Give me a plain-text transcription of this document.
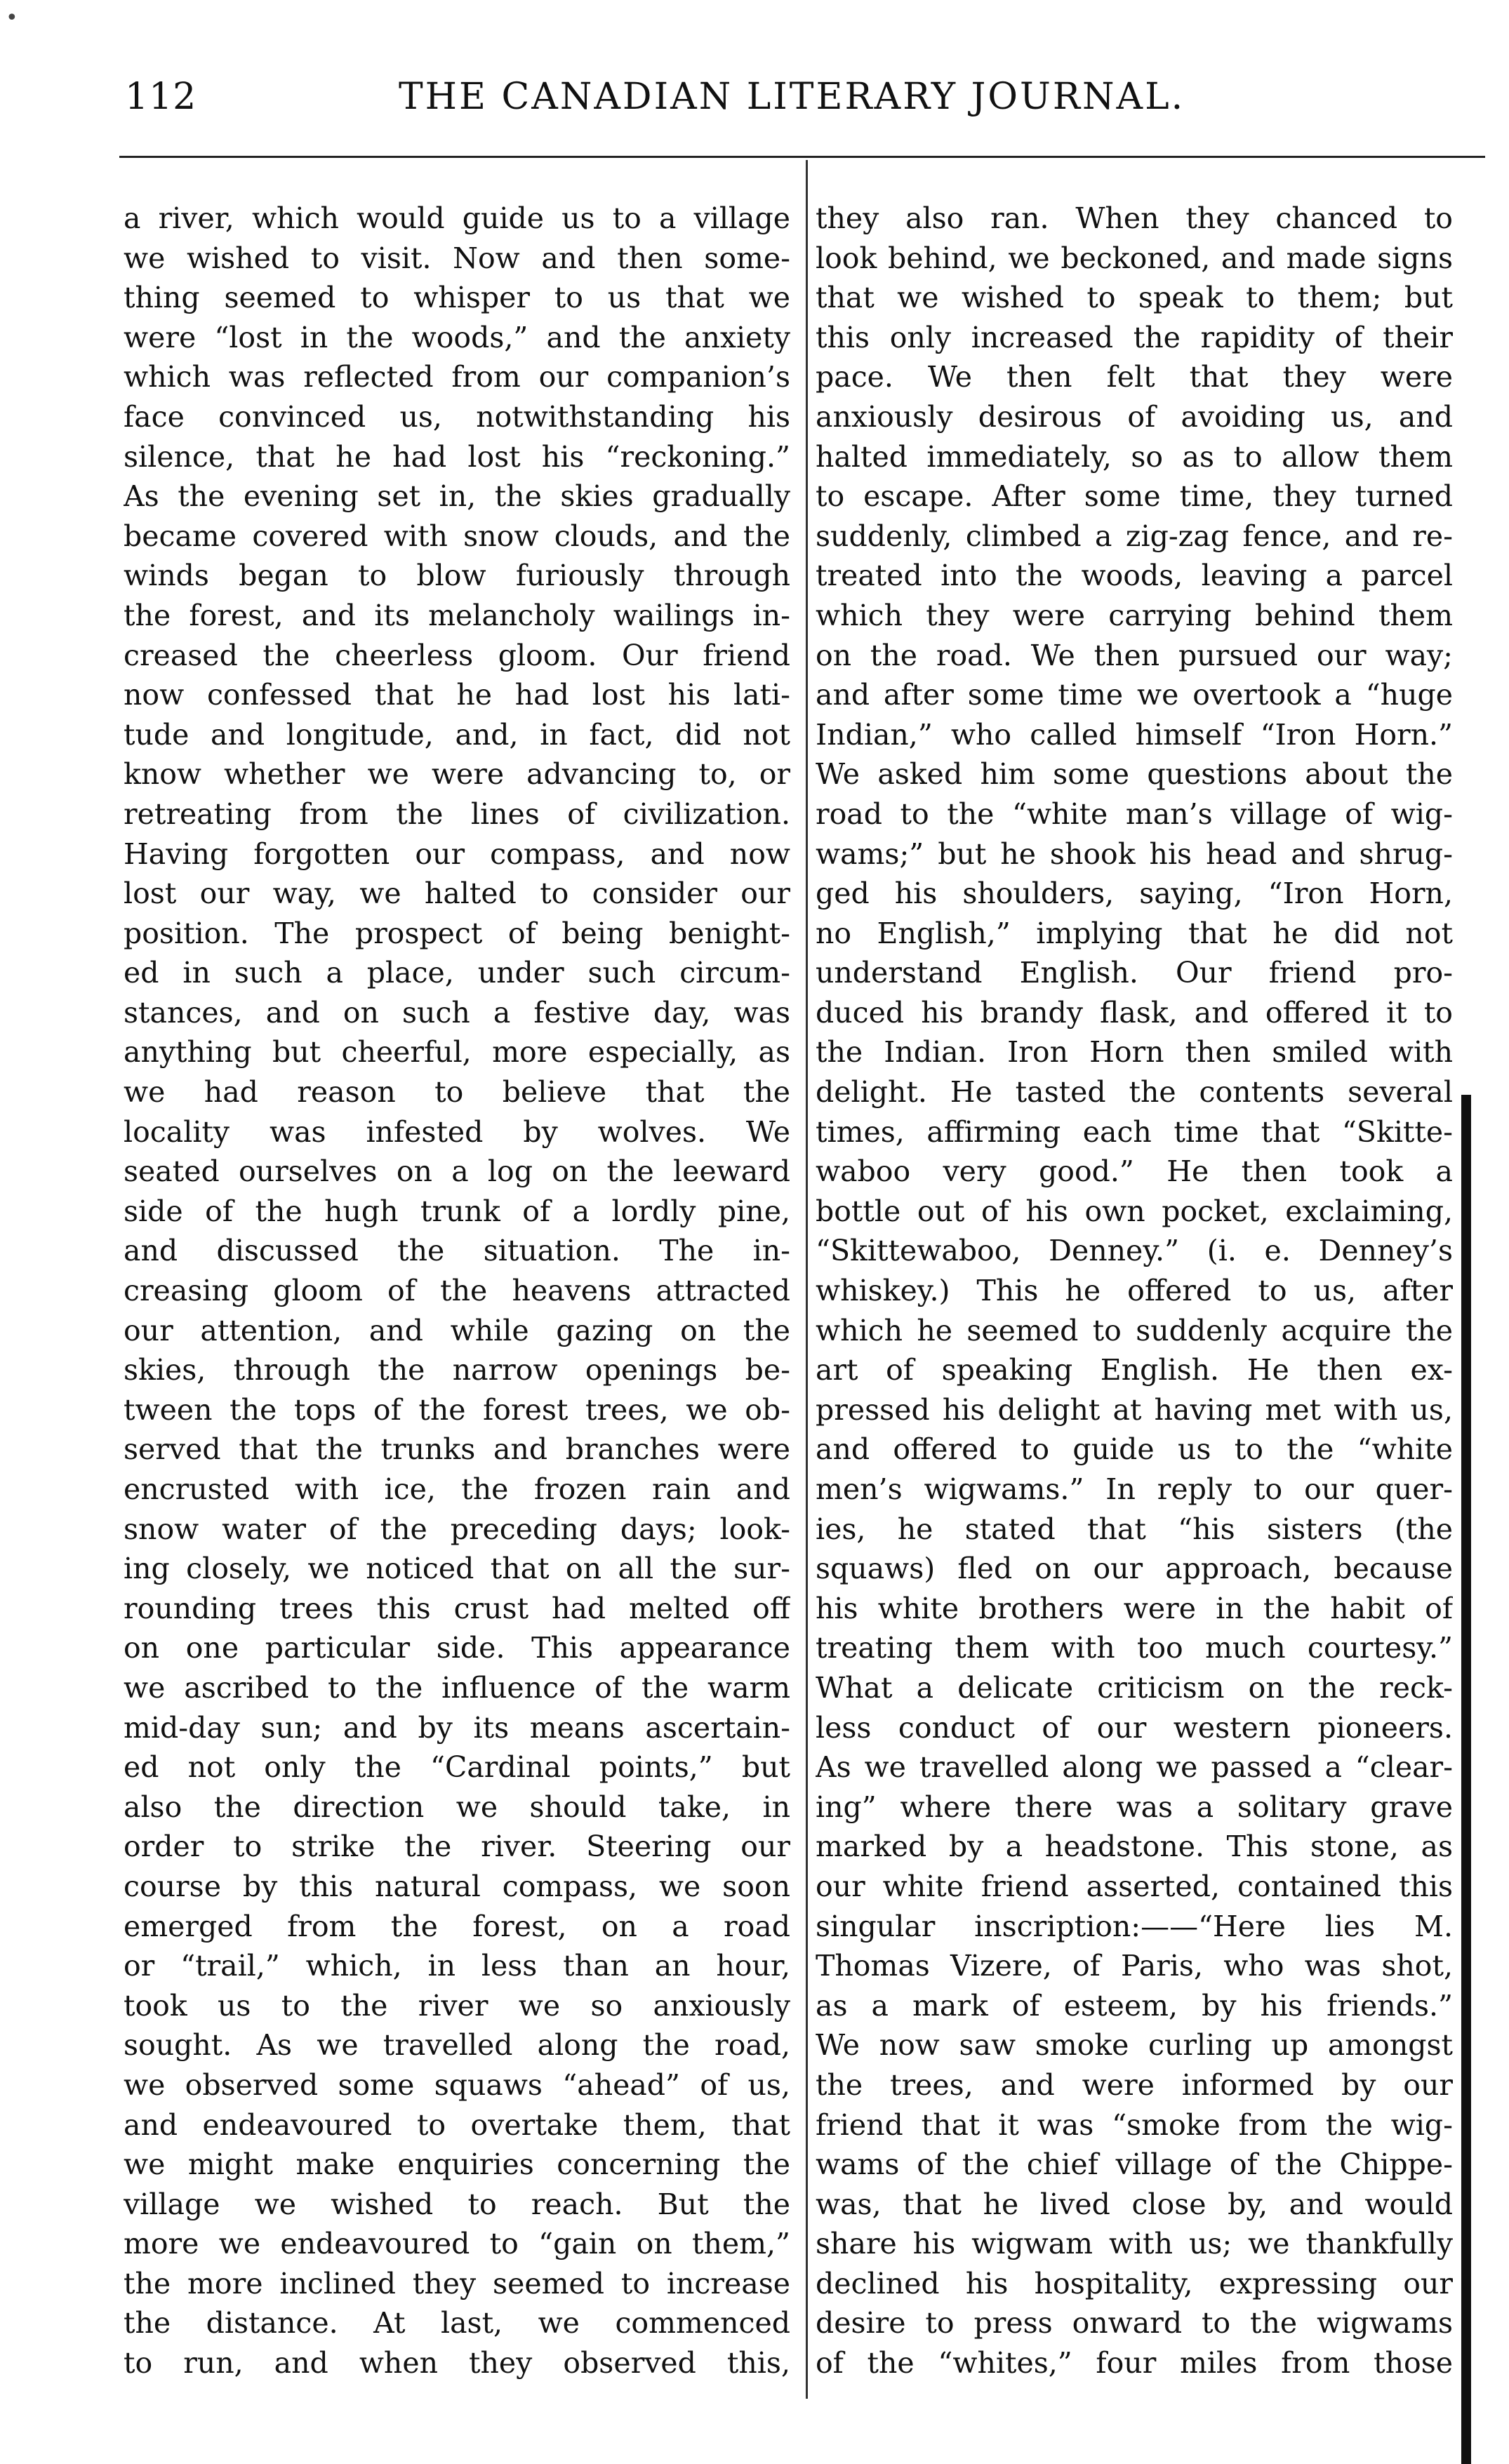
112	THE CANADIAN LITERARY JOURNAL.
•
a river, which would guide us to a village
we wished to visit. Now and then some-
thing seemed to whisper to us that we
were “lost in the woods,” and the anxiety
which was reflected from our companion’s
face convinced us, notwithstanding his
silence, that he had lost his “reckoning.”
As the evening set in, the skies gradually
became covered with snow clouds, and the
winds began to blow furiously through
the forest, and its melancholy wailings in-
creased the cheerless gloom. Our friend
now confessed that he had lost his lati-
tude and longitude, and, in fact, did not
know whether we were advancing to, or
retreating from the lines of civilization.
Having forgotten our compass, and now
lost our way, we halted to consider our
position. The prospect of being benight-
ed in such a place, under such circum-
stances, and on such a festive day, was
anything but cheerful, more especially, as
we had reason to believe that the
locality was infested by wolves. We
seated ourselves on a log on the leeward
side of the hugh trunk of a lordly pine,
and discussed the situation. The in-
creasing gloom of the heavens attracted
our attention, and while gazing on the
skies, through the narrow openings be-
tween the tops of the forest trees, we ob-
served that the trunks and branches were
encrusted with ice, the frozen rain and
snow water of the preceding days; look-
ing closely, we noticed that on all the sur-
rounding trees this crust had melted off
on one particular side. This appearance
we ascribed to the influence of the warm
mid-day sun; and by its means ascertain-
ed not only the “Cardinal points,” but
also the direction we should take, in
order to strike the river. Steering our
course by this natural compass, we soon
emerged from the forest, on a road
or “trail,” which, in less than an hour,
took us to the river we so anxiously
sought. As we travelled along the road,
we observed some squaws “ahead” of us,
and endeavoured to overtake them, that
we might make enquiries concerning the
village we wished to reach. But the
more we endeavoured to “gain on them,”
the more inclined they seemed to increase
the distance. At last, we commenced
to run, and when they observed this,
they also ran. When they chanced to
look behind, we beckoned, and made signs
that we wished to speak to them; but
this only increased the rapidity of their
pace. We then felt that they were
anxiously desirous of avoiding us, and
halted immediately, so as to allow them
to escape. After some time, they turned
suddenly, climbed a zig-zag fence, and re-
treated into the woods, leaving a parcel
which they were carrying behind them
on the road. We then pursued our way;
and after some time we overtook a “huge
Indian,” who called himself “Iron Horn.”
We asked him some questions about the
road to the “white man’s village of wig-
wams;” but he shook his head and shrug-
ged his shoulders, saying, “Iron Horn,
no English,” implying that he did not
understand English. Our friend pro-
duced his brandy flask, and offered it to
the Indian. Iron Horn then smiled with
delight. He tasted the contents several
times, affirming each time that “Skitte-
waboo very good.” He then took a
bottle out of his own pocket, exclaiming,
“Skittewaboo, Denney.” (i. e. Denney’s
whiskey.) This he offered to us, after
which he seemed to suddenly acquire the
art of speaking English. He then ex-
pressed his delight at having met with us,
and offered to guide us to the “white
men’s wigwams.” In reply to our quer-
ies, he stated that “his sisters (the
squaws) fled on our approach, because
his white brothers were in the habit of
treating them with too much courtesy.”
What a delicate criticism on the reck-
less conduct of our western pioneers.
As we travelled along we passed a “clear-
ing” where there was a solitary grave
marked by a headstone. This stone, as
our white friend asserted, contained this
singular inscription:——“Here lies M.
Thomas Vizere, of Paris, who was shot,
as a mark of esteem, by his friends.”
We now saw smoke curling up amongst
the trees, and were informed by our
friend that it was “smoke from the wig-
wams of the chief village of the Chippe-
was, that he lived close by, and would
share his wigwam with us; we thankfully
declined his hospitality, expressing our
desire to press onward to the wigwams
of the “whites,” four miles from those
